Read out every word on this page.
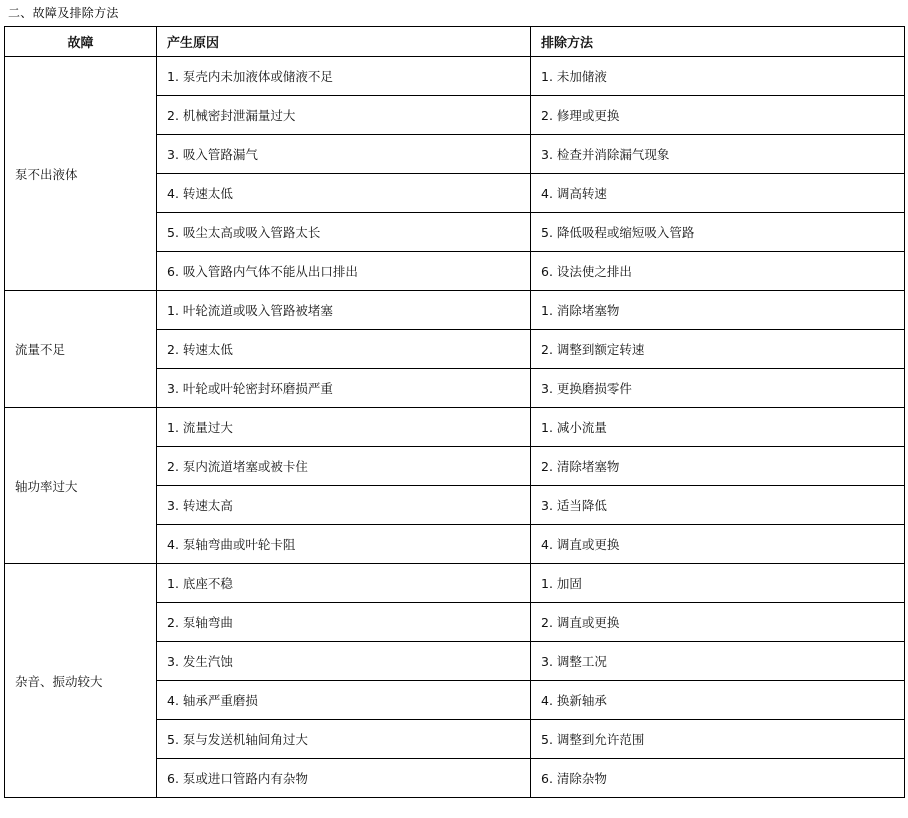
二、故障及排除方法
故障	产生原因	排除方法
泵不出液体	1. 泵壳内未加液体或储液不足	1. 未加储液
	2. 机械密封泄漏量过大	2. 修理或更换
	3. 吸入管路漏气	3. 检查并消除漏气现象
	4. 转速太低	4. 调高转速
	5. 吸尘太高或吸入管路太长	5. 降低吸程或缩短吸入管路
	6. 吸入管路内气体不能从出口排出	6. 设法使之排出
流量不足	1. 叶轮流道或吸入管路被堵塞	1. 消除堵塞物
	2. 转速太低	2. 调整到额定转速
	3. 叶轮或叶轮密封环磨损严重	3. 更换磨损零件
轴功率过大	1. 流量过大	1. 减小流量
	2. 泵内流道堵塞或被卡住	2. 清除堵塞物
	3. 转速太高	3. 适当降低
	4. 泵轴弯曲或叶轮卡阻	4. 调直或更换
杂音、振动较大	1. 底座不稳	1. 加固
	2. 泵轴弯曲	2. 调直或更换
	3. 发生汽蚀	3. 调整工况
	4. 轴承严重磨损	4. 换新轴承
	5. 泵与发送机轴间角过大	5. 调整到允许范围
	6. 泵或进口管路内有杂物	6. 清除杂物
